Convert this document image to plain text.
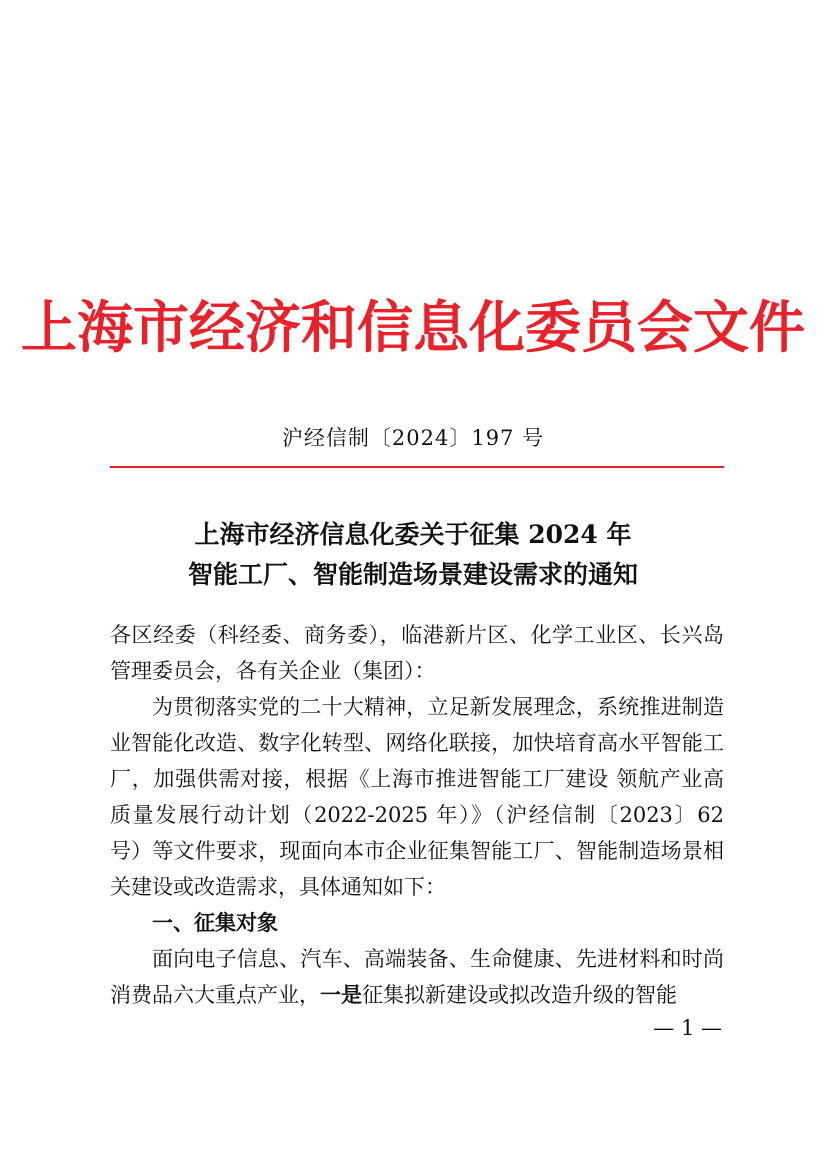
上海市经济和信息化委员会文件
沪经信制〔2024〕197 号
上海市经济信息化委关于征集 2024 年
智能工厂、智能制造场景建设需求的通知

各区经委（科经委、商务委），临港新片区、化学工业区、长兴岛管理委员会，各有关企业（集团）：

为贯彻落实党的二十大精神，立足新发展理念，系统推进制造业智能化改造、数字化转型、网络化联接，加快培育高水平智能工厂，加强供需对接，根据《上海市推进智能工厂建设 领航产业高质量发展行动计划（2022-2025 年）》（沪经信制〔2023〕62 号）等文件要求，现面向本市企业征集智能工厂、智能制造场景相关建设或改造需求，具体通知如下：

一、征集对象

面向电子信息、汽车、高端装备、生命健康、先进材料和时尚消费品六大重点产业，一是征集拟新建设或拟改造升级的智能

— 1 —
